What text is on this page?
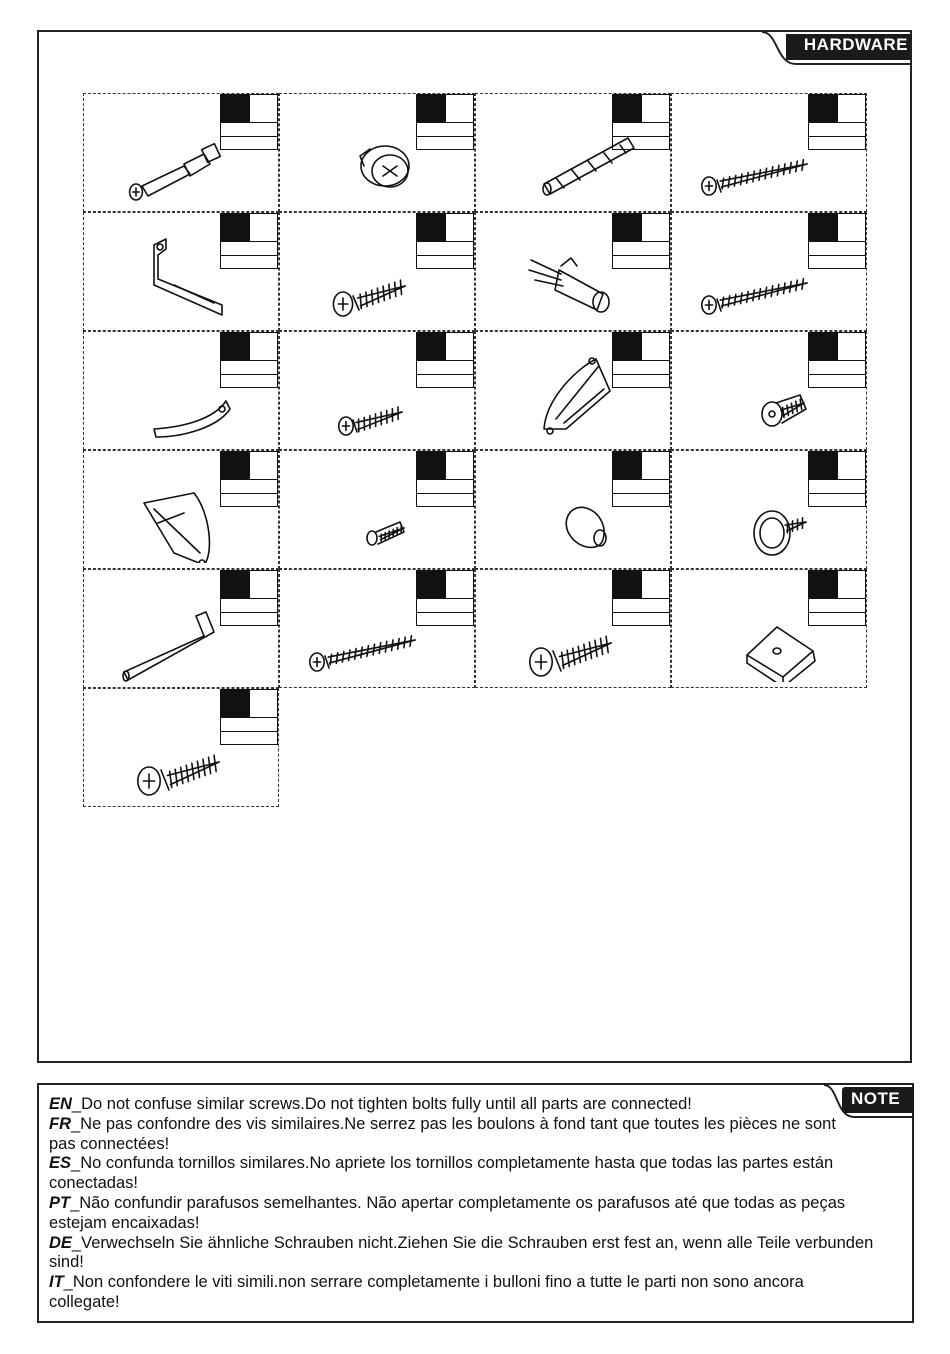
HARDWARE
NOTE

EN_Do not confuse similar screws.Do not tighten bolts fully until all parts are connected!

FR_Ne pas confondre des vis similaires.Ne serrez pas les boulons à fond tant que toutes les pièces ne sont pas connectées!

ES_No confunda tornillos similares.No apriete los tornillos completamente hasta que todas las partes están conectadas!

PT_Não confundir parafusos semelhantes. Não apertar completamente os parafusos até que todas as peças estejam encaixadas!

DE_Verwechseln Sie ähnliche Schrauben nicht.Ziehen Sie die Schrauben erst fest an, wenn alle Teile verbunden sind!

IT_Non confondere le viti simili.non serrare completamente i bulloni fino a tutte le parti non sono ancora collegate!
